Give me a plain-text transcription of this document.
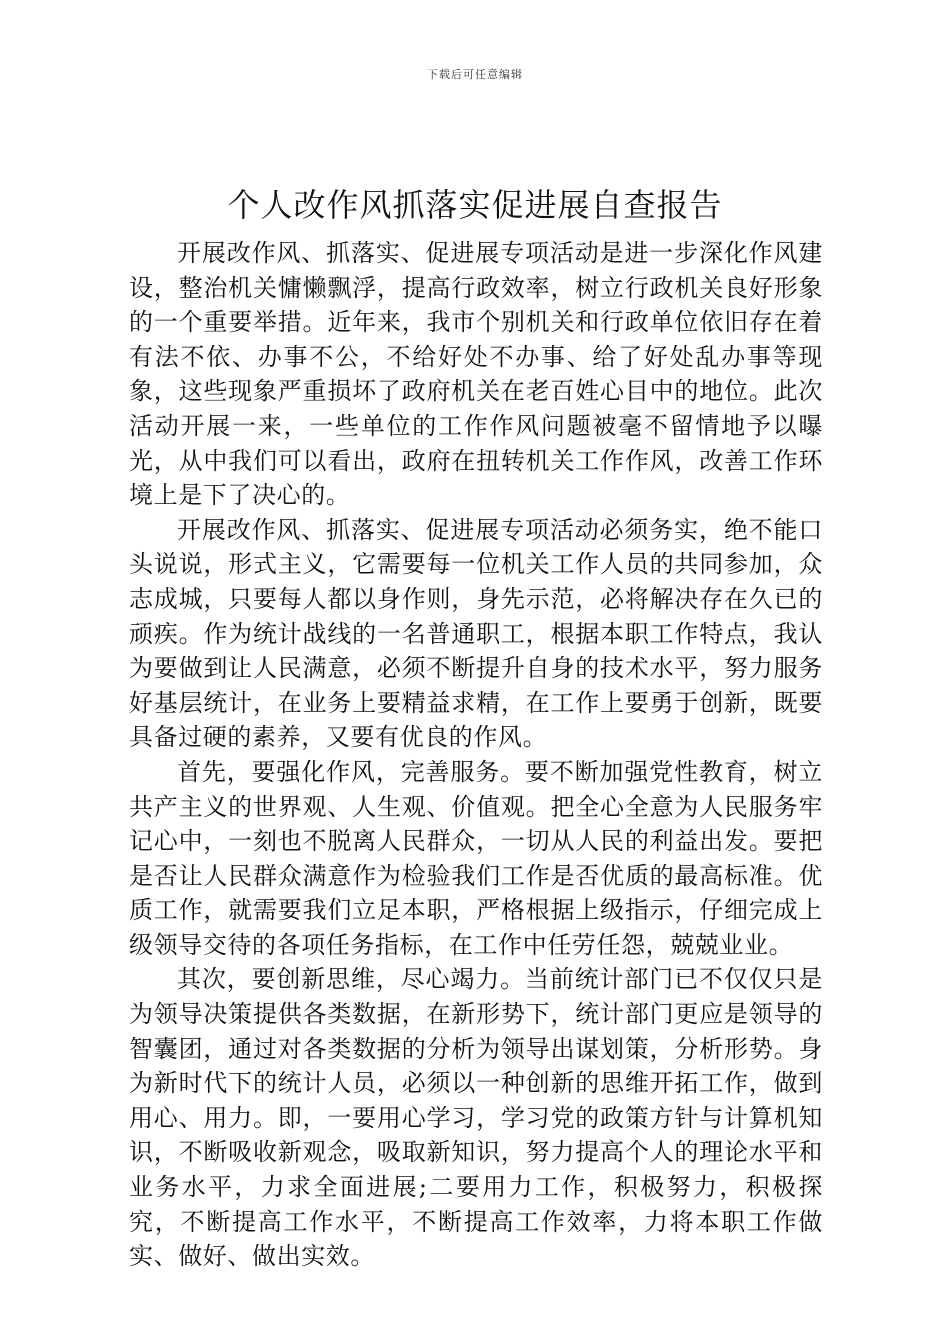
下载后可任意编辑
个人改作风抓落实促进展自查报告

开展改作风、抓落实、促进展专项活动是进一步深化作风建设，整治机关慵懒飘浮，提高行政效率，树立行政机关良好形象的一个重要举措。近年来，我市个别机关和行政单位依旧存在着有法不依、办事不公，不给好处不办事、给了好处乱办事等现象，这些现象严重损坏了政府机关在老百姓心目中的地位。此次活动开展一来，一些单位的工作作风问题被毫不留情地予以曝光，从中我们可以看出，政府在扭转机关工作作风，改善工作环境上是下了决心的。

开展改作风、抓落实、促进展专项活动必须务实，绝不能口头说说，形式主义，它需要每一位机关工作人员的共同参加，众志成城，只要每人都以身作则，身先示范，必将解决存在久已的顽疾。作为统计战线的一名普通职工，根据本职工作特点，我认为要做到让人民满意，必须不断提升自身的技术水平，努力服务好基层统计，在业务上要精益求精，在工作上要勇于创新，既要具备过硬的素养，又要有优良的作风。

首先，要强化作风，完善服务。要不断加强党性教育，树立共产主义的世界观、人生观、价值观。把全心全意为人民服务牢记心中，一刻也不脱离人民群众，一切从人民的利益出发。要把是否让人民群众满意作为检验我们工作是否优质的最高标准。优质工作，就需要我们立足本职，严格根据上级指示，仔细完成上级领导交待的各项任务指标，在工作中任劳任怨，兢兢业业。

其次，要创新思维，尽心竭力。当前统计部门已不仅仅只是为领导决策提供各类数据，在新形势下，统计部门更应是领导的智囊团，通过对各类数据的分析为领导出谋划策，分析形势。身为新时代下的统计人员，必须以一种创新的思维开拓工作，做到用心、用力。即，一要用心学习，学习党的政策方针与计算机知识，不断吸收新观念，吸取新知识，努力提高个人的理论水平和业务水平，力求全面进展;二要用力工作，积极努力，积极探究，不断提高工作水平，不断提高工作效率，力将本职工作做实、做好、做出实效。
